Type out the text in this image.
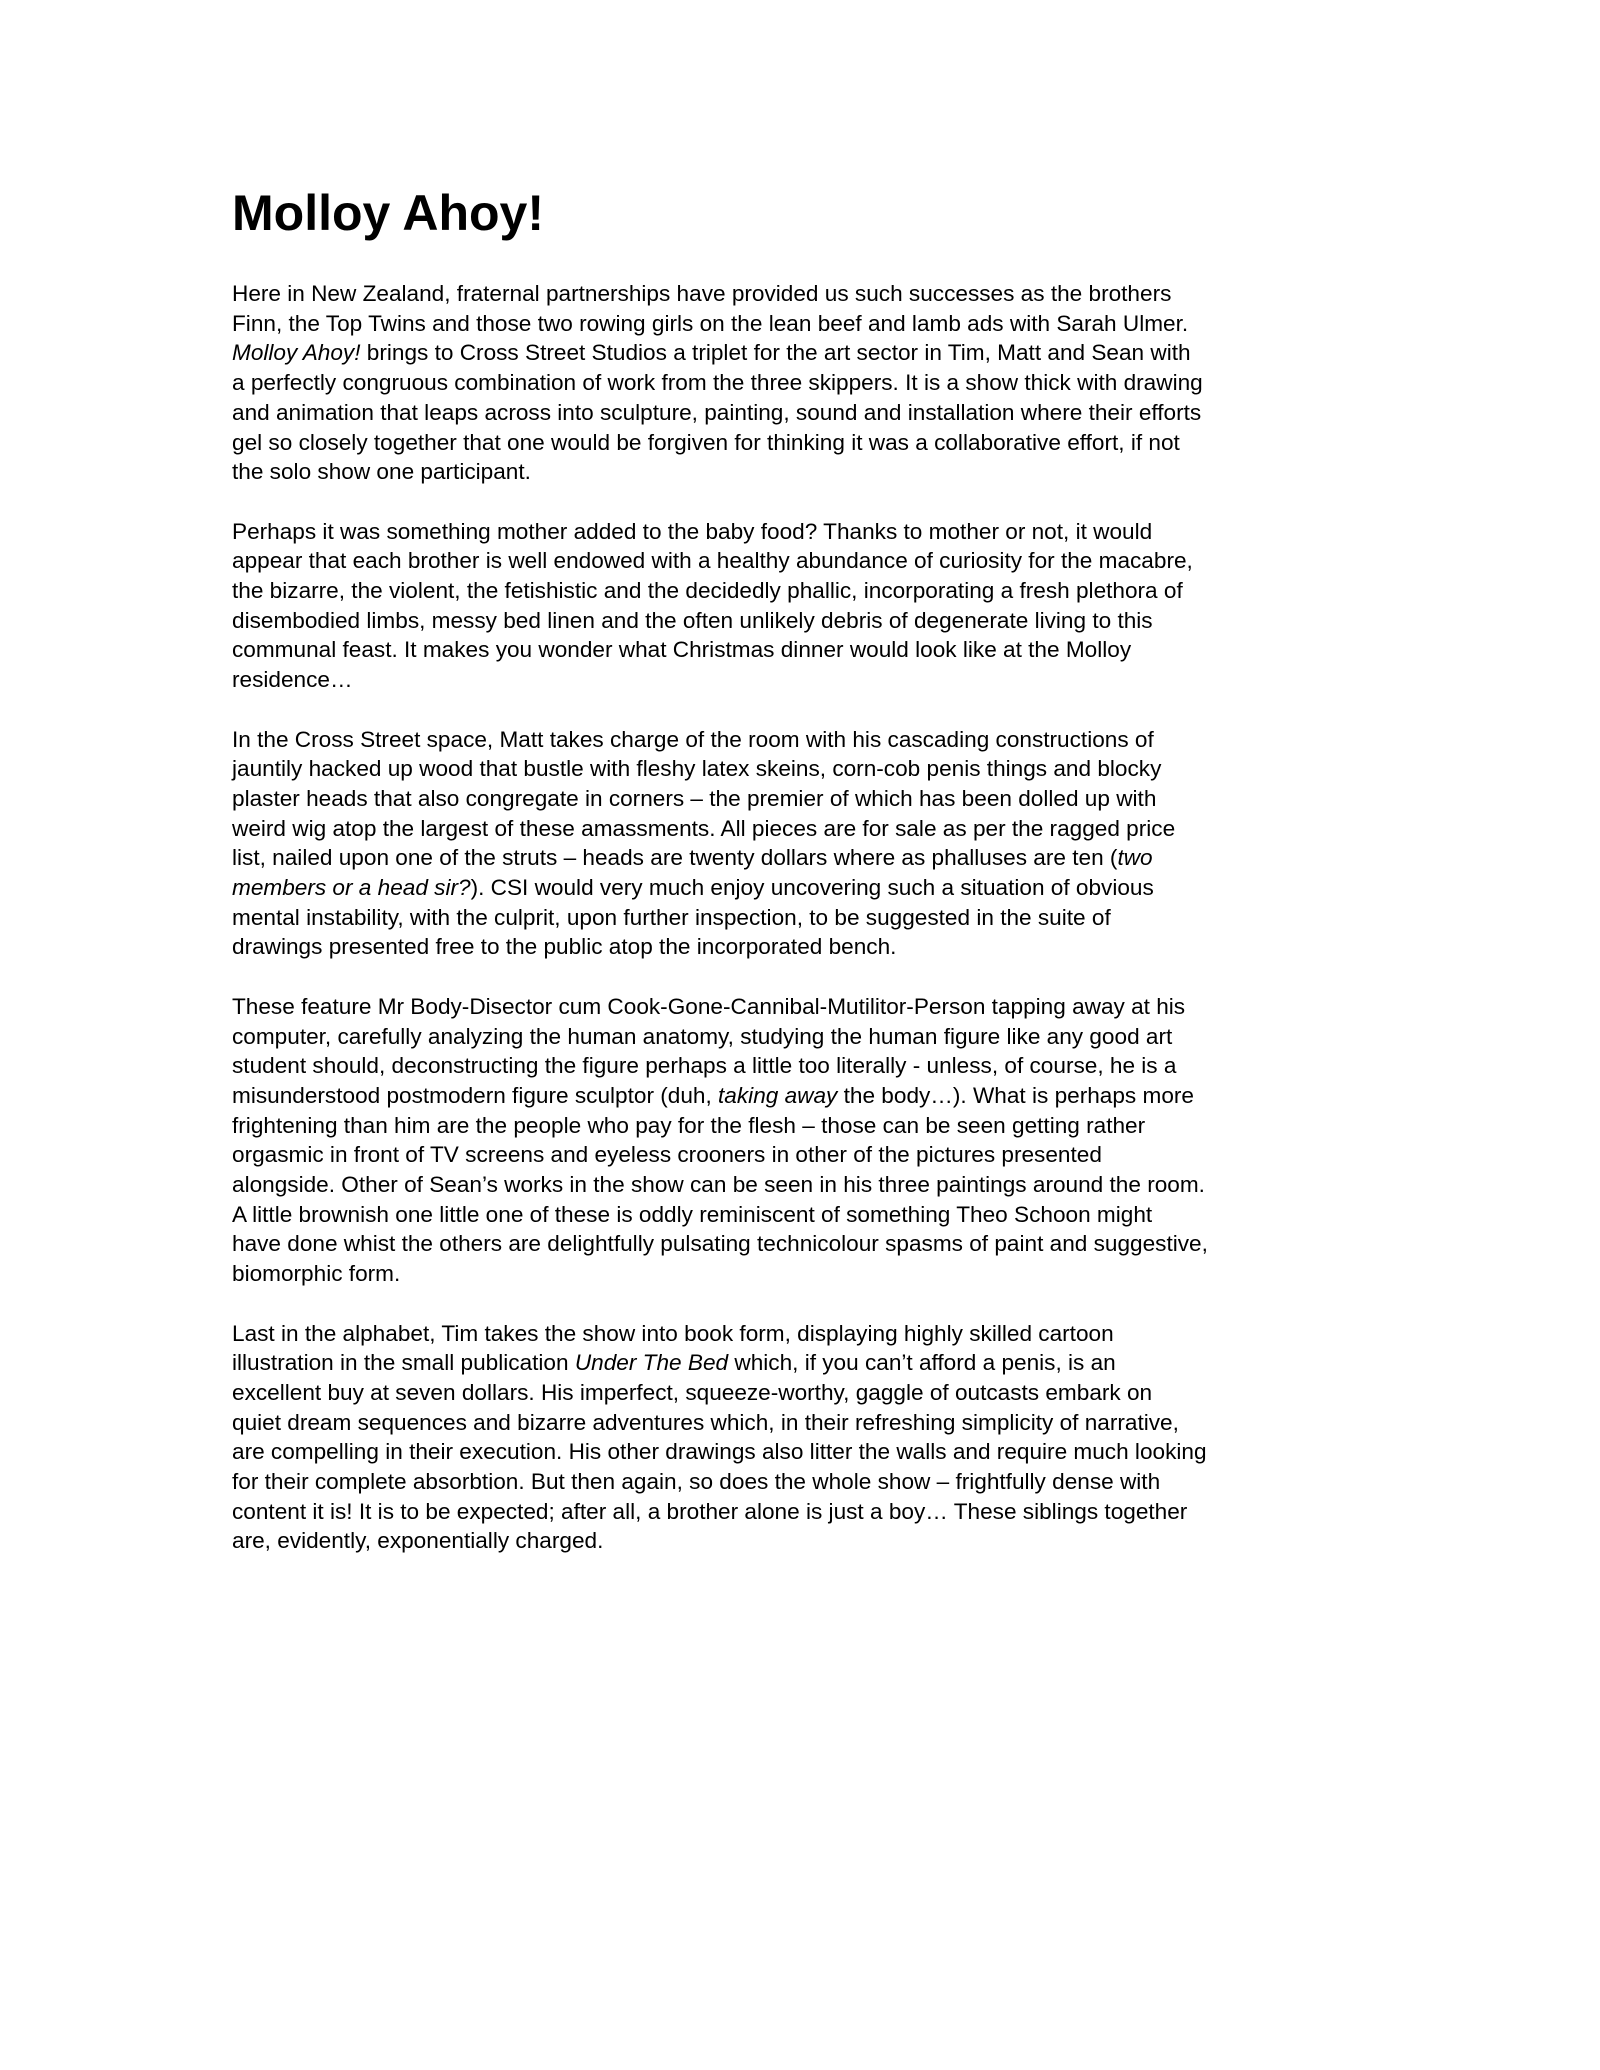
Molloy Ahoy!
Here in New Zealand, fraternal partnerships have provided us such successes as the brothers
Finn, the Top Twins and those two rowing girls on the lean beef and lamb ads with Sarah Ulmer.
Molloy Ahoy! brings to Cross Street Studios a triplet for the art sector in Tim, Matt and Sean with
a perfectly congruous combination of work from the three skippers. It is a show thick with drawing
and animation that leaps across into sculpture, painting, sound and installation where their efforts
gel so closely together that one would be forgiven for thinking it was a collaborative effort, if not
the solo show one participant.
Perhaps it was something mother added to the baby food? Thanks to mother or not, it would
appear that each brother is well endowed with a healthy abundance of curiosity for the macabre,
the bizarre, the violent, the fetishistic and the decidedly phallic, incorporating a fresh plethora of
disembodied limbs, messy bed linen and the often unlikely debris of degenerate living to this
communal feast. It makes you wonder what Christmas dinner would look like at the Molloy
residence…
In the Cross Street space, Matt takes charge of the room with his cascading constructions of
jauntily hacked up wood that bustle with fleshy latex skeins, corn-cob penis things and blocky
plaster heads that also congregate in corners – the premier of which has been dolled up with
weird wig atop the largest of these amassments. All pieces are for sale as per the ragged price
list, nailed upon one of the struts – heads are twenty dollars where as phalluses are ten (two
members or a head sir?). CSI would very much enjoy uncovering such a situation of obvious
mental instability, with the culprit, upon further inspection, to be suggested in the suite of
drawings presented free to the public atop the incorporated bench.
These feature Mr Body-Disector cum Cook-Gone-Cannibal-Mutilitor-Person tapping away at his
computer, carefully analyzing the human anatomy, studying the human figure like any good art
student should, deconstructing the figure perhaps a little too literally - unless, of course, he is a
misunderstood postmodern figure sculptor (duh, taking away the body…). What is perhaps more
frightening than him are the people who pay for the flesh – those can be seen getting rather
orgasmic in front of TV screens and eyeless crooners in other of the pictures presented
alongside. Other of Sean’s works in the show can be seen in his three paintings around the room.
A little brownish one little one of these is oddly reminiscent of something Theo Schoon might
have done whist the others are delightfully pulsating technicolour spasms of paint and suggestive,
biomorphic form.
Last in the alphabet, Tim takes the show into book form, displaying highly skilled cartoon
illustration in the small publication Under The Bed which, if you can’t afford a penis, is an
excellent buy at seven dollars. His imperfect, squeeze-worthy, gaggle of outcasts embark on
quiet dream sequences and bizarre adventures which, in their refreshing simplicity of narrative,
are compelling in their execution. His other drawings also litter the walls and require much looking
for their complete absorbtion. But then again, so does the whole show – frightfully dense with
content it is! It is to be expected; after all, a brother alone is just a boy… These siblings together
are, evidently, exponentially charged.
